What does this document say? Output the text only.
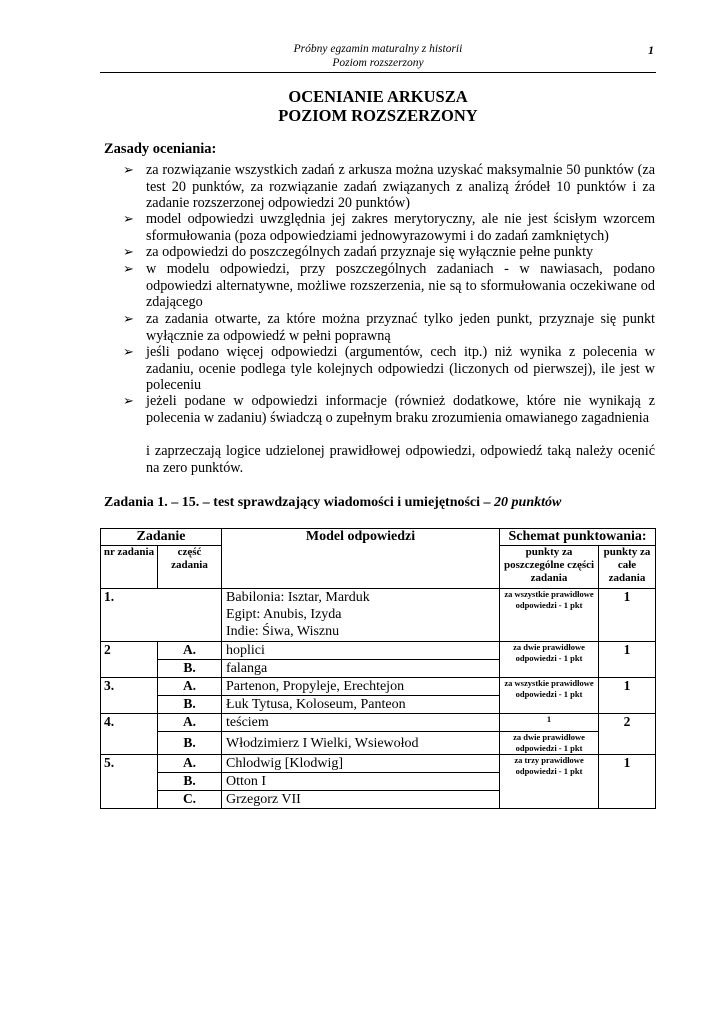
Próbny egzamin maturalny z historii
Poziom rozszerzony
1
OCENIANIE ARKUSZA
POZIOM ROZSZERZONY
Zasady oceniania:
➢
➢
➢
➢
➢
➢
➢
za rozwiązanie wszystkich zadań z arkusza można uzyskać maksymalnie 50 punktów (za test 20 punktów, za rozwiązanie zadań związanych z analizą źródeł 10 punktów i za zadanie rozszerzonej odpowiedzi 20 punktów)
model odpowiedzi uwzględnia jej zakres merytoryczny, ale nie jest ścisłym wzorcem sformułowania (poza odpowiedziami jednowyrazowymi i do zadań zamkniętych)
za odpowiedzi do poszczególnych zadań przyznaje się wyłącznie pełne punkty
w modelu odpowiedzi, przy poszczególnych zadaniach - w nawiasach, podano odpowiedzi alternatywne, możliwe rozszerzenia, nie są to sformułowania oczekiwane od zdającego
za zadania otwarte, za które można przyznać tylko jeden punkt, przyznaje się punkt wyłącznie za odpowiedź w pełni poprawną
jeśli podano więcej odpowiedzi (argumentów, cech itp.) niż wynika z polecenia w zadaniu, ocenie podlega tyle kolejnych odpowiedzi (liczonych od pierwszej), ile jest w poleceniu
jeżeli podane w odpowiedzi informacje (również dodatkowe, które nie wynikają z polecenia w zadaniu) świadczą o zupełnym braku zrozumienia omawianego zagadnienia
i zaprzeczają logice udzielonej prawidłowej odpowiedzi, odpowiedź taką należy ocenić na zero punktów.
Zadania 1. – 15. – test sprawdzający wiadomości i umiejętności – 20 punktów
Zadanie		Model odpowiedzi	Schemat punktowania:	
nr zadania	część zadania		punkty za poszczególne części zadania	punkty za całe zadania
1.		Babilonia: Isztar, Marduk
Egipt: Anubis, Izyda
Indie: Śiwa, Wisznu	za wszystkie prawidłowe odpowiedzi - 1 pkt	1
2	A.	hoplici	za dwie prawidłowe odpowiedzi - 1 pkt	1
	B.	falanga		
3.	A.	Partenon, Propyleje, Erechtejon	za wszystkie prawidłowe odpowiedzi - 1 pkt	1
	B.	Łuk Tytusa, Koloseum, Panteon		
4.	A.	teściem	1	2
	B.	Włodzimierz I Wielki, Wsiewołod	za dwie prawidłowe odpowiedzi - 1 pkt	
5.	A.	Chlodwig [Klodwig]	za trzy prawidłowe odpowiedzi - 1 pkt	1
	B.	Otton I		
	C.	Grzegorz VII		
